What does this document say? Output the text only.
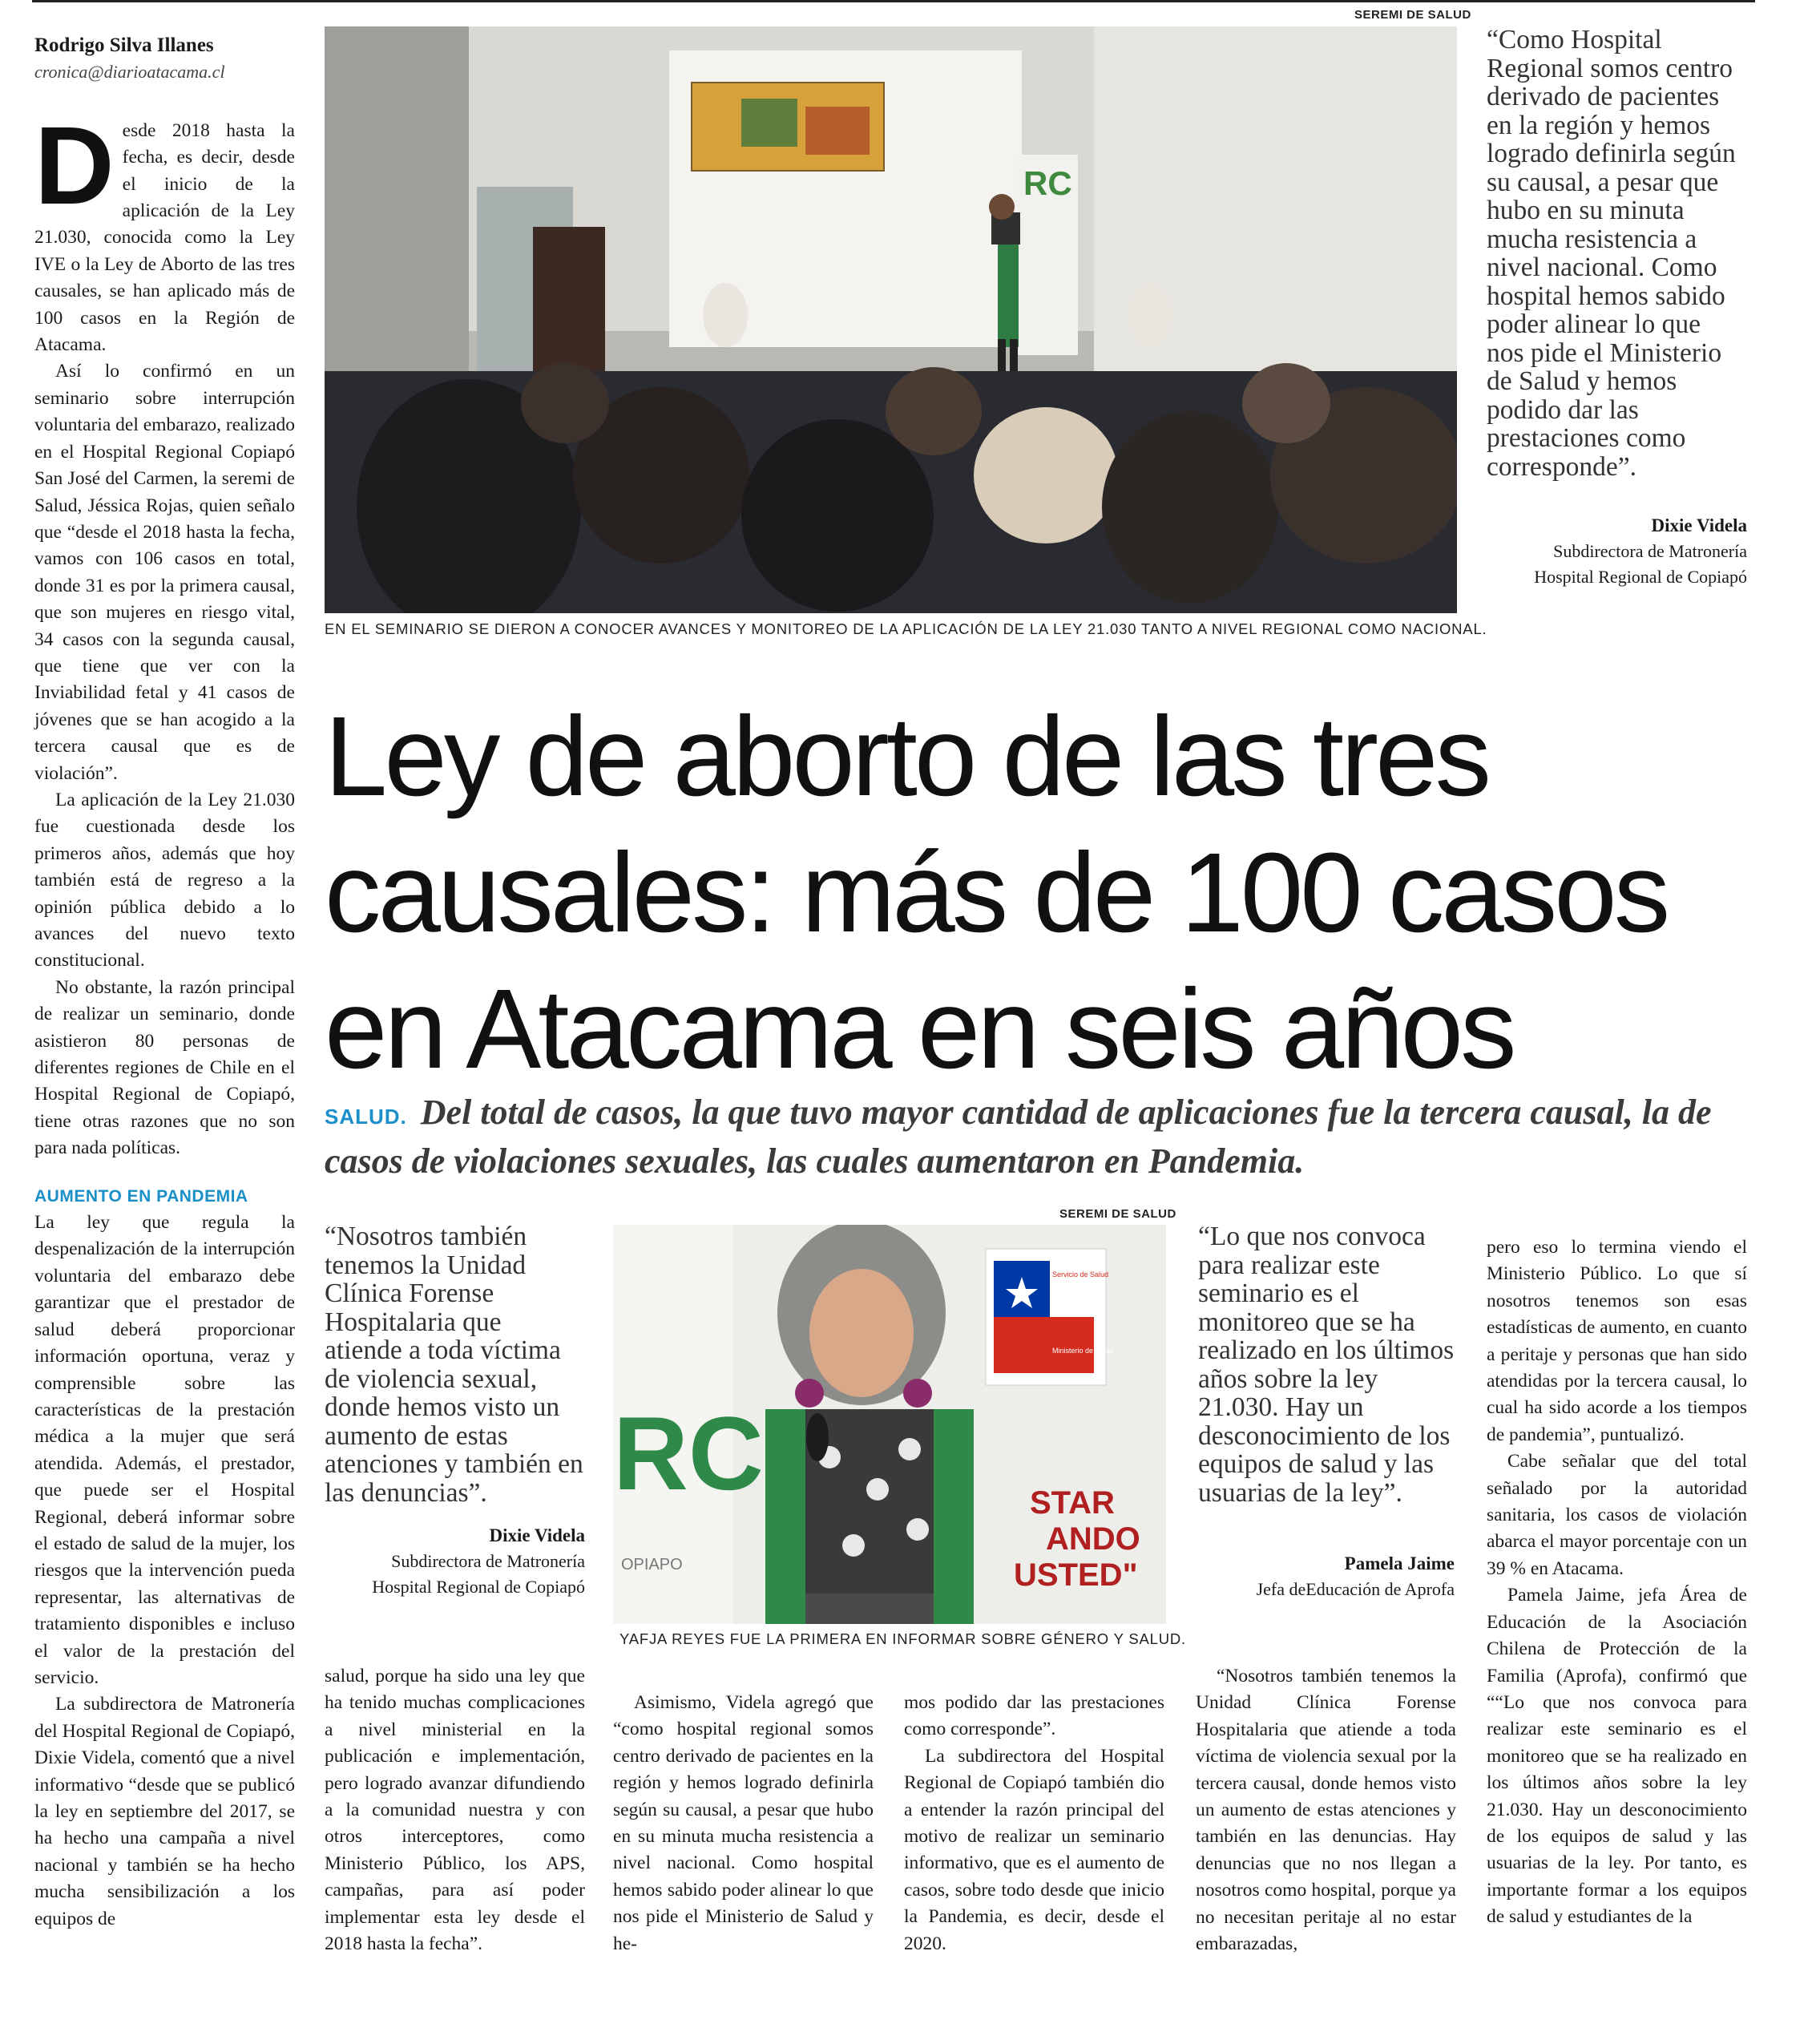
Rodrigo Silva Illanes
cronica@diarioatacama.cl

Desde 2018 hasta la fecha, es decir, desde el inicio de la aplicación de la Ley 21.030, conocida como la Ley IVE o la Ley de Aborto de las tres causales, se han aplicado más de 100 casos en la Región de Atacama.

Así lo confirmó en un seminario sobre interrupción voluntaria del embarazo, realizado en el Hospital Regional Copiapó San José del Carmen, la seremi de Salud, Jéssica Rojas, quien señalo que “desde el 2018 hasta la fecha, vamos con 106 casos en total, donde 31 es por la primera causal, que son mujeres en riesgo vital, 34 casos con la segunda causal, que tiene que ver con la Inviabilidad fetal y 41 casos de jóvenes que se han acogido a la tercera causal que es de violación”.

La aplicación de la Ley 21.030 fue cuestionada desde los primeros años, además que hoy también está de regreso a la opinión pública debido a lo avances del nuevo texto constitucional.

No obstante, la razón principal de realizar un seminario, donde asistieron 80 personas de diferentes regiones de Chile en el Hospital Regional de Copiapó, tiene otras razones que no son para nada políticas.

AUMENTO EN PANDEMIA

La ley que regula la despenalización de la interrupción voluntaria del embarazo debe garantizar que el prestador de salud deberá proporcionar información oportuna, veraz y comprensible sobre las características de la prestación médica a la mujer que será atendida. Además, el prestador, que puede ser el Hospital Regional, deberá informar sobre el estado de salud de la mujer, los riesgos que la intervención pueda representar, las alternativas de tratamiento disponibles e incluso el valor de la prestación del servicio.

La subdirectora de Matronería del Hospital Regional de Copiapó, Dixie Videla, comentó que a nivel informativo “desde que se publicó la ley en septiembre del 2017, se ha hecho una campaña a nivel nacional y también se ha hecho mucha sensibilización a los equipos de

SEREMI DE SALUD
RC
EN EL SEMINARIO SE DIERON A CONOCER AVANCES Y MONITOREO DE LA APLICACIÓN DE LA LEY 21.030 TANTO A NIVEL REGIONAL COMO NACIONAL.
“Como Hospital Regional somos centro derivado de pacientes en la región y hemos logrado definirla según su causal, a pesar que hubo en su minuta mucha resistencia a nivel nacional. Como hospital hemos sabido poder alinear lo que nos pide el Ministerio de Salud y hemos podido dar las prestaciones como corresponde”.
Dixie Videla
Subdirectora de Matronería
Hospital Regional de Copiapó
Ley de aborto de las tres
causales: más de 100 casos
en Atacama en seis años
SALUD. Del total de casos, la que tuvo mayor cantidad de aplicaciones fue la tercera causal, la de casos de violaciones sexuales, las cuales aumentaron en Pandemia.
“Nosotros también tenemos la Unidad Clínica Forense Hospitalaria que atiende a toda víctima de violencia sexual, donde hemos visto un aumento de estas atenciones y también en las denuncias”.
Dixie Videla
Subdirectora de Matronería
Hospital Regional de Copiapó
SEREMI DE SALUD
RC
OPIAPO
Servicio de Salud
Ministerio de Salud
STAR
ANDO
USTED"
YAFJA REYES FUE LA PRIMERA EN INFORMAR SOBRE GÉNERO Y SALUD.
“Lo que nos convoca para realizar este seminario es el monitoreo que se ha realizado en los últimos años sobre la ley 21.030. Hay un desconocimiento de los equipos de salud y las usuarias de la ley”.
Pamela Jaime
Jefa deEducación de Aprofa

salud, porque ha sido una ley que ha tenido muchas complicaciones a nivel ministerial en la publicación e implementación, pero logrado avanzar difundiendo a la comunidad nuestra y con otros interceptores, como Ministerio Público, los APS, campañas, para así poder implementar esta ley desde el 2018 hasta la fecha”.

Asimismo, Videla agregó que “como hospital regional somos centro derivado de pacientes en la región y hemos logrado definirla según su causal, a pesar que hubo en su minuta mucha resistencia a nivel nacional. Como hospital hemos sabido poder alinear lo que nos pide el Ministerio de Salud y he-

mos podido dar las prestaciones como corresponde”.

La subdirectora del Hospital Regional de Copiapó también dio a entender la razón principal del motivo de realizar un seminario informativo, que es el aumento de casos, sobre todo desde que inicio la Pandemia, es decir, desde el 2020.

“Nosotros también tenemos la Unidad Clínica Forense Hospitalaria que atiende a toda víctima de violencia sexual por la tercera causal, donde hemos visto un aumento de estas atenciones y también en las denuncias. Hay denuncias que no nos llegan a nosotros como hospital, porque ya no necesitan peritaje al no estar embarazadas,

pero eso lo termina viendo el Ministerio Público. Lo que sí nosotros tenemos son esas estadísticas de aumento, en cuanto a peritaje y personas que han sido atendidas por la tercera causal, lo cual ha sido acorde a los tiempos de pandemia”, puntualizó.

Cabe señalar que del total señalado por la autoridad sanitaria, los casos de violación abarca el mayor porcentaje con un 39 % en Atacama.

Pamela Jaime, jefa Área de Educación de la Asociación Chilena de Protección de la Familia (Aprofa), confirmó que ““Lo que nos convoca para realizar este seminario es el monitoreo que se ha realizado en los últimos años sobre la ley 21.030. Hay un desconocimiento de los equipos de salud y las usuarias de la ley. Por tanto, es importante formar a los equipos de salud y estudiantes de la
